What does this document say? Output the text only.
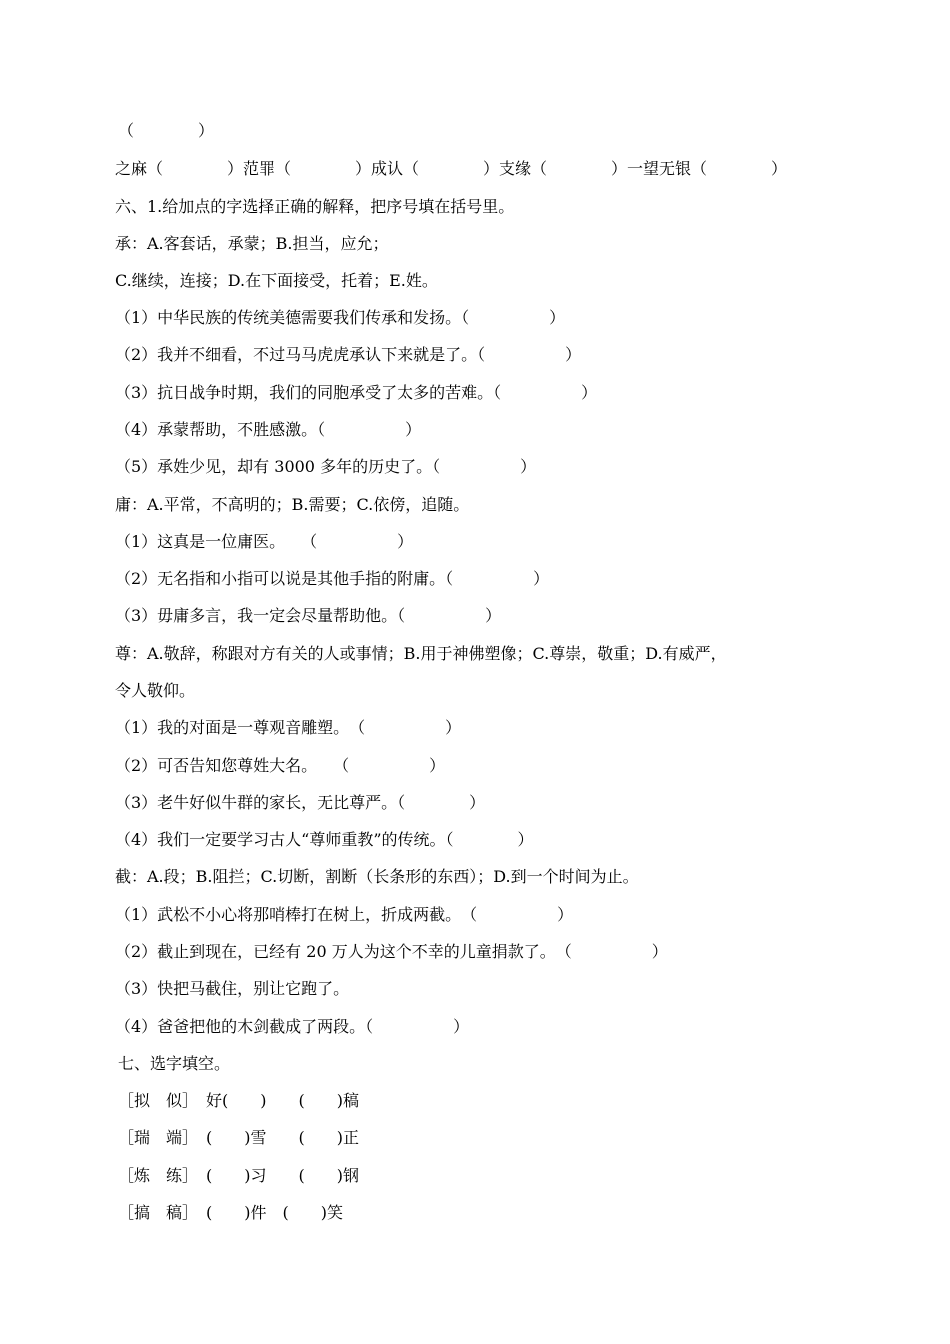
（　　　　）
之麻（　　　　）范罪（　　　　）成认（　　　　）支缘（　　　　）一望无银（　　　　）
六、1.给加点的字选择正确的解释，把序号填在括号里。
承：A.客套话，承蒙；B.担当，应允；
C.继续，连接；D.在下面接受，托着；E.姓。
（1）中华民族的传统美德需要我们传承和发扬。（　　　　　）
（2）我并不细看，不过马马虎虎承认下来就是了。（　　　　　）
（3）抗日战争时期，我们的同胞承受了太多的苦难。（　　　　　）
（4）承蒙帮助，不胜感激。（　　　　　）
（5）承姓少见，却有 3000 多年的历史了。（　　　　　）
庸：A.平常，不高明的；B.需要；C.依傍，追随。
（1）这真是一位庸医。　　（　　　　　）
（2）无名指和小指可以说是其他手指的附庸。（　　　　　）
（3）毋庸多言，我一定会尽量帮助他。（　　　　　）
尊：A.敬辞，称跟对方有关的人或事情；B.用于神佛塑像；C.尊崇，敬重；D.有威严，
令人敬仰。
（1）我的对面是一尊观音雕塑。　（　　　　　）
（2）可否告知您尊姓大名。　　（　　　　　）
（3）老牛好似牛群的家长，无比尊严。（　　　　）
（4）我们一定要学习古人“尊师重教”的传统。（　　　　）
截：A.段；B.阻拦；C.切断，割断（长条形的东西）；D.到一个时间为止。
（1）武松不小心将那哨棒打在树上，折成两截。　（　　　　　）
（2）截止到现在，已经有 20 万人为这个不幸的儿童捐款了。　（　　　　　）
（3）快把马截住，别让它跑了。
（4）爸爸把他的木剑截成了两段。（　　　　　）
七、选字填空。
［拟　似］　好(　　)　　(　　)稿
［瑞　端］　(　　)雪　　(　　)正
［炼　练］　(　　)习　　(　　)钢
［搞　稿］　(　　)件　(　　)笑
